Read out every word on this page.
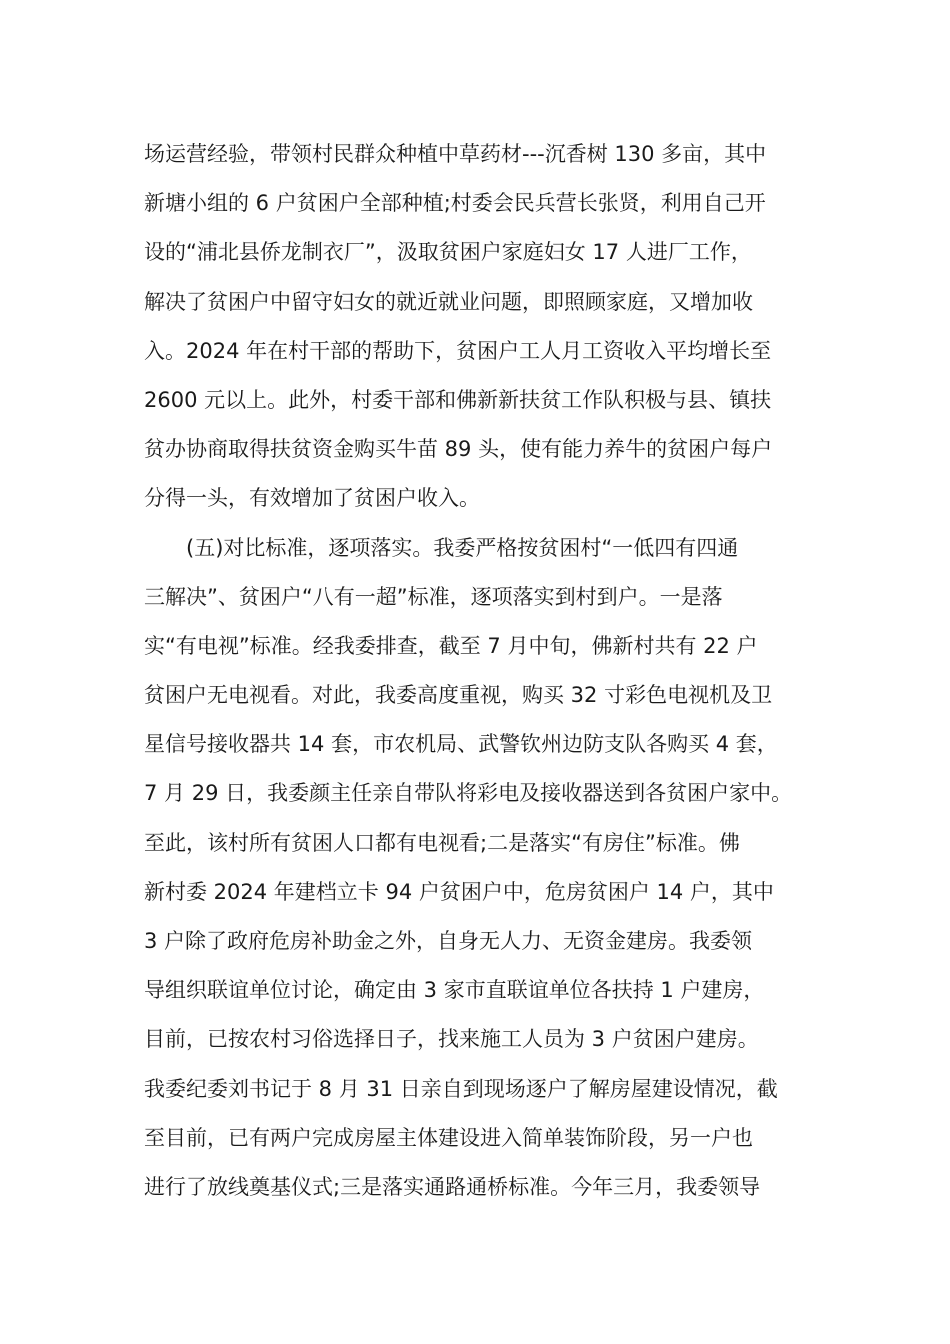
场运营经验，带领村民群众种植中草药材---沉香树 130 多亩，其中
新塘小组的 6 户贫困户全部种植;村委会民兵营长张贤，利用自己开
设的“浦北县侨龙制衣厂”，汲取贫困户家庭妇女 17 人进厂工作，
解决了贫困户中留守妇女的就近就业问题，即照顾家庭，又增加收
入。2024 年在村干部的帮助下，贫困户工人月工资收入平均增长至
2600 元以上。此外，村委干部和佛新新扶贫工作队积极与县、镇扶
贫办协商取得扶贫资金购买牛苗 89 头，使有能力养牛的贫困户每户
分得一头，有效增加了贫困户收入。
(五)对比标准，逐项落实。我委严格按贫困村“一低四有四通
三解决”、贫困户“八有一超”标准，逐项落实到村到户。一是落
实“有电视”标准。经我委排查，截至 7 月中旬，佛新村共有 22 户
贫困户无电视看。对此，我委高度重视，购买 32 寸彩色电视机及卫
星信号接收器共 14 套，市农机局、武警钦州边防支队各购买 4 套，
7 月 29 日，我委颜主任亲自带队将彩电及接收器送到各贫困户家中。
至此，该村所有贫困人口都有电视看;二是落实“有房住”标准。佛
新村委 2024 年建档立卡 94 户贫困户中，危房贫困户 14 户，其中
3 户除了政府危房补助金之外，自身无人力、无资金建房。我委领
导组织联谊单位讨论，确定由 3 家市直联谊单位各扶持 1 户建房，
目前，已按农村习俗选择日子，找来施工人员为 3 户贫困户建房。
我委纪委刘书记于 8 月 31 日亲自到现场逐户了解房屋建设情况，截
至目前，已有两户完成房屋主体建设进入简单装饰阶段，另一户也
进行了放线奠基仪式;三是落实通路通桥标准。今年三月，我委领导
